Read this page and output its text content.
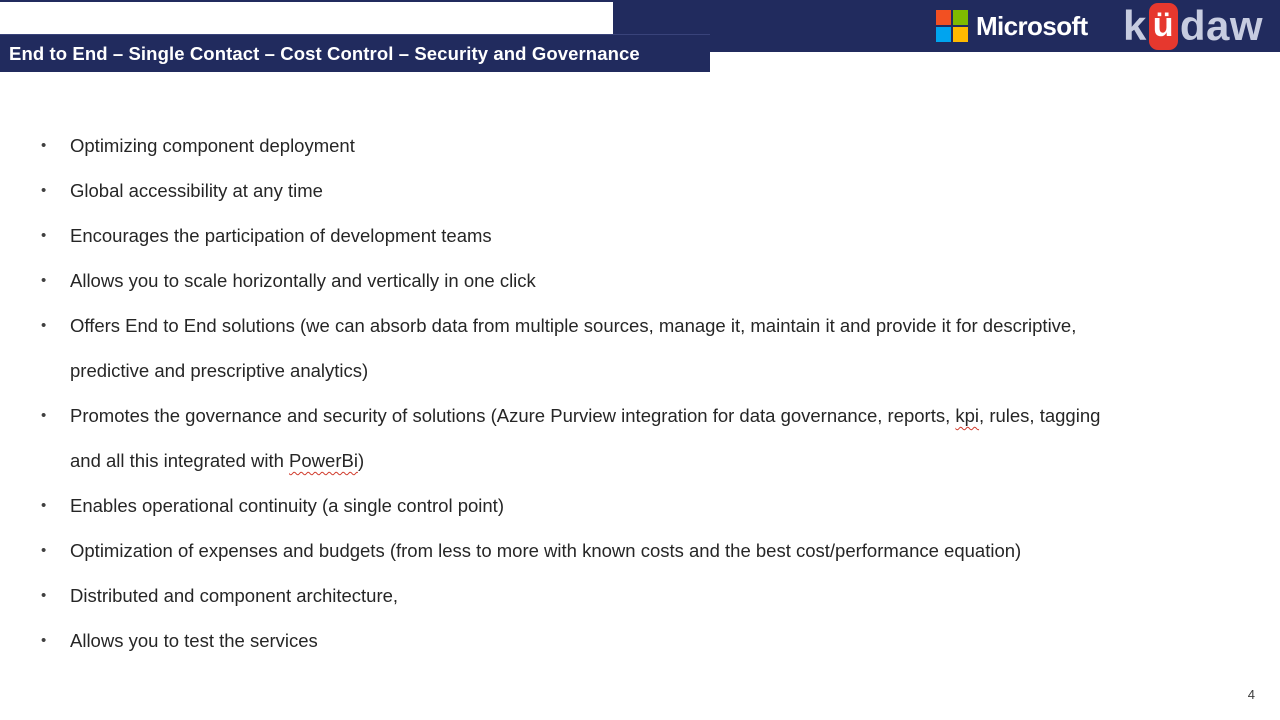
Microsoft k ü daw
End to End – Single Contact – Cost Control – Security and Governance
•	Optimizing component deployment
•	Global accessibility at any time
•	Encourages the participation of development teams
•	Allows you to scale horizontally and vertically in one click
•	Offers End to End solutions (we can absorb data from multiple sources, manage it, maintain it and provide it for descriptive,
predictive and prescriptive analytics)
•	Promotes the governance and security of solutions (Azure Purview integration for data governance, reports, kpi, rules, tagging
and all this integrated with PowerBi)
•	Enables operational continuity (a single control point)
•	Optimization of expenses and budgets (from less to more with known costs and the best cost/performance equation)
•	Distributed and component architecture,
•	Allows you to test the services
4
